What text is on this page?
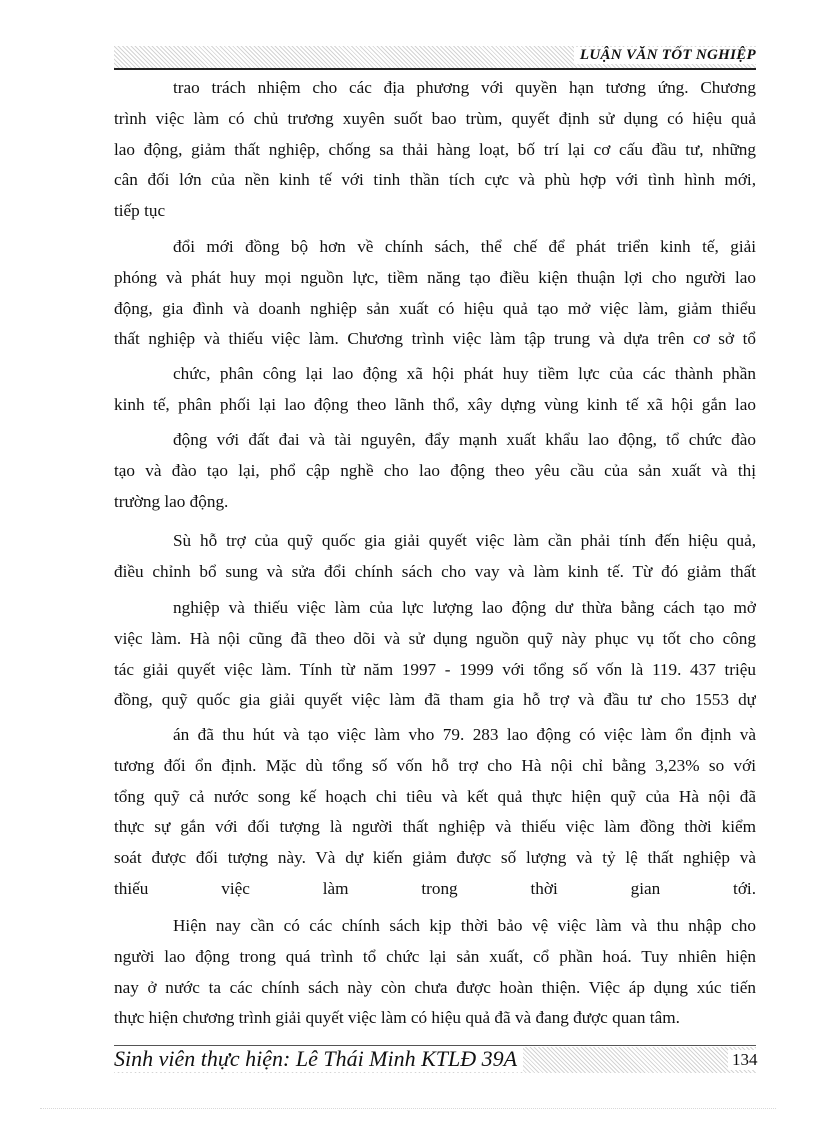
LUẬN VĂN TỐT NGHIỆP
trao trách nhiệm cho các địa phương với quyền hạn tương ứng. Chương
trình việc làm có chủ trương xuyên suốt bao trùm, quyết định sử dụng có hiệu quả
lao động, giảm thất nghiệp, chống sa thải hàng loạt, bố trí lại cơ cấu đầu tư, những
cân đối lớn của nền kinh tế với tinh thần tích cực và phù hợp với tình hình mới,
tiếp tục
đổi mới đồng bộ hơn về chính sách, thể chế để phát triển kinh tế, giải
phóng và phát huy mọi nguồn lực, tiềm năng tạo điều kiện thuận lợi cho người lao
động, gia đình và doanh nghiệp sản xuất có hiệu quả tạo mở việc làm, giảm thiểu
thất nghiệp và thiếu việc làm. Chương trình việc làm tập trung và dựa trên cơ sở tổ
chức, phân công lại lao động xã hội phát huy tiềm lực của các thành phần
kinh tế, phân phối lại lao động theo lãnh thổ, xây dựng vùng kinh tế xã hội gắn lao
động với đất đai và tài nguyên, đẩy mạnh xuất khẩu lao động, tổ chức đào
tạo và đào tạo lại, phổ cập nghề cho lao động theo yêu cầu của sản xuất và thị
trường lao động.
Sù hỗ trợ của quỹ quốc gia giải quyết việc làm cần phải tính đến hiệu quả,
điều chỉnh bổ sung và sửa đổi chính sách cho vay và làm kinh tế. Từ đó giảm thất
nghiệp và thiếu việc làm của lực lượng lao động dư thừa bằng cách tạo mở
việc làm. Hà nội cũng đã theo dõi và sử dụng nguồn quỹ này phục vụ tốt cho công
tác giải quyết việc làm. Tính từ năm 1997 - 1999 với tổng số vốn là 119. 437 triệu
đồng, quỹ quốc gia giải quyết việc làm đã tham gia hỗ trợ và đầu tư cho 1553 dự
án đã thu hút và tạo việc làm vho 79. 283 lao động có việc làm ổn định và
tương đối ổn định. Mặc dù tổng số vốn hỗ trợ cho Hà nội chỉ bằng 3,23% so với
tổng quỹ cả nước song kế hoạch chi tiêu và kết quả thực hiện quỹ của Hà nội đã
thực sự gắn với đối tượng là người thất nghiệp và thiếu việc làm đồng thời kiểm
soát được đối tượng này. Và dự kiến giảm được số lượng và tỷ lệ thất nghiệp và
thiếu việc làm trong thời gian tới.
Hiện nay cần có các chính sách kịp thời bảo vệ việc làm và thu nhập cho
người lao động trong quá trình tổ chức lại sản xuất, cổ phần hoá. Tuy nhiên hiện
nay ở nước ta các chính sách này còn chưa được hoàn thiện. Việc áp dụng xúc tiến
thực hiện chương trình giải quyết việc làm có hiệu quả đã và đang được quan tâm.
Sinh viên thực hiện: Lê Thái Minh KTLĐ 39A	134
